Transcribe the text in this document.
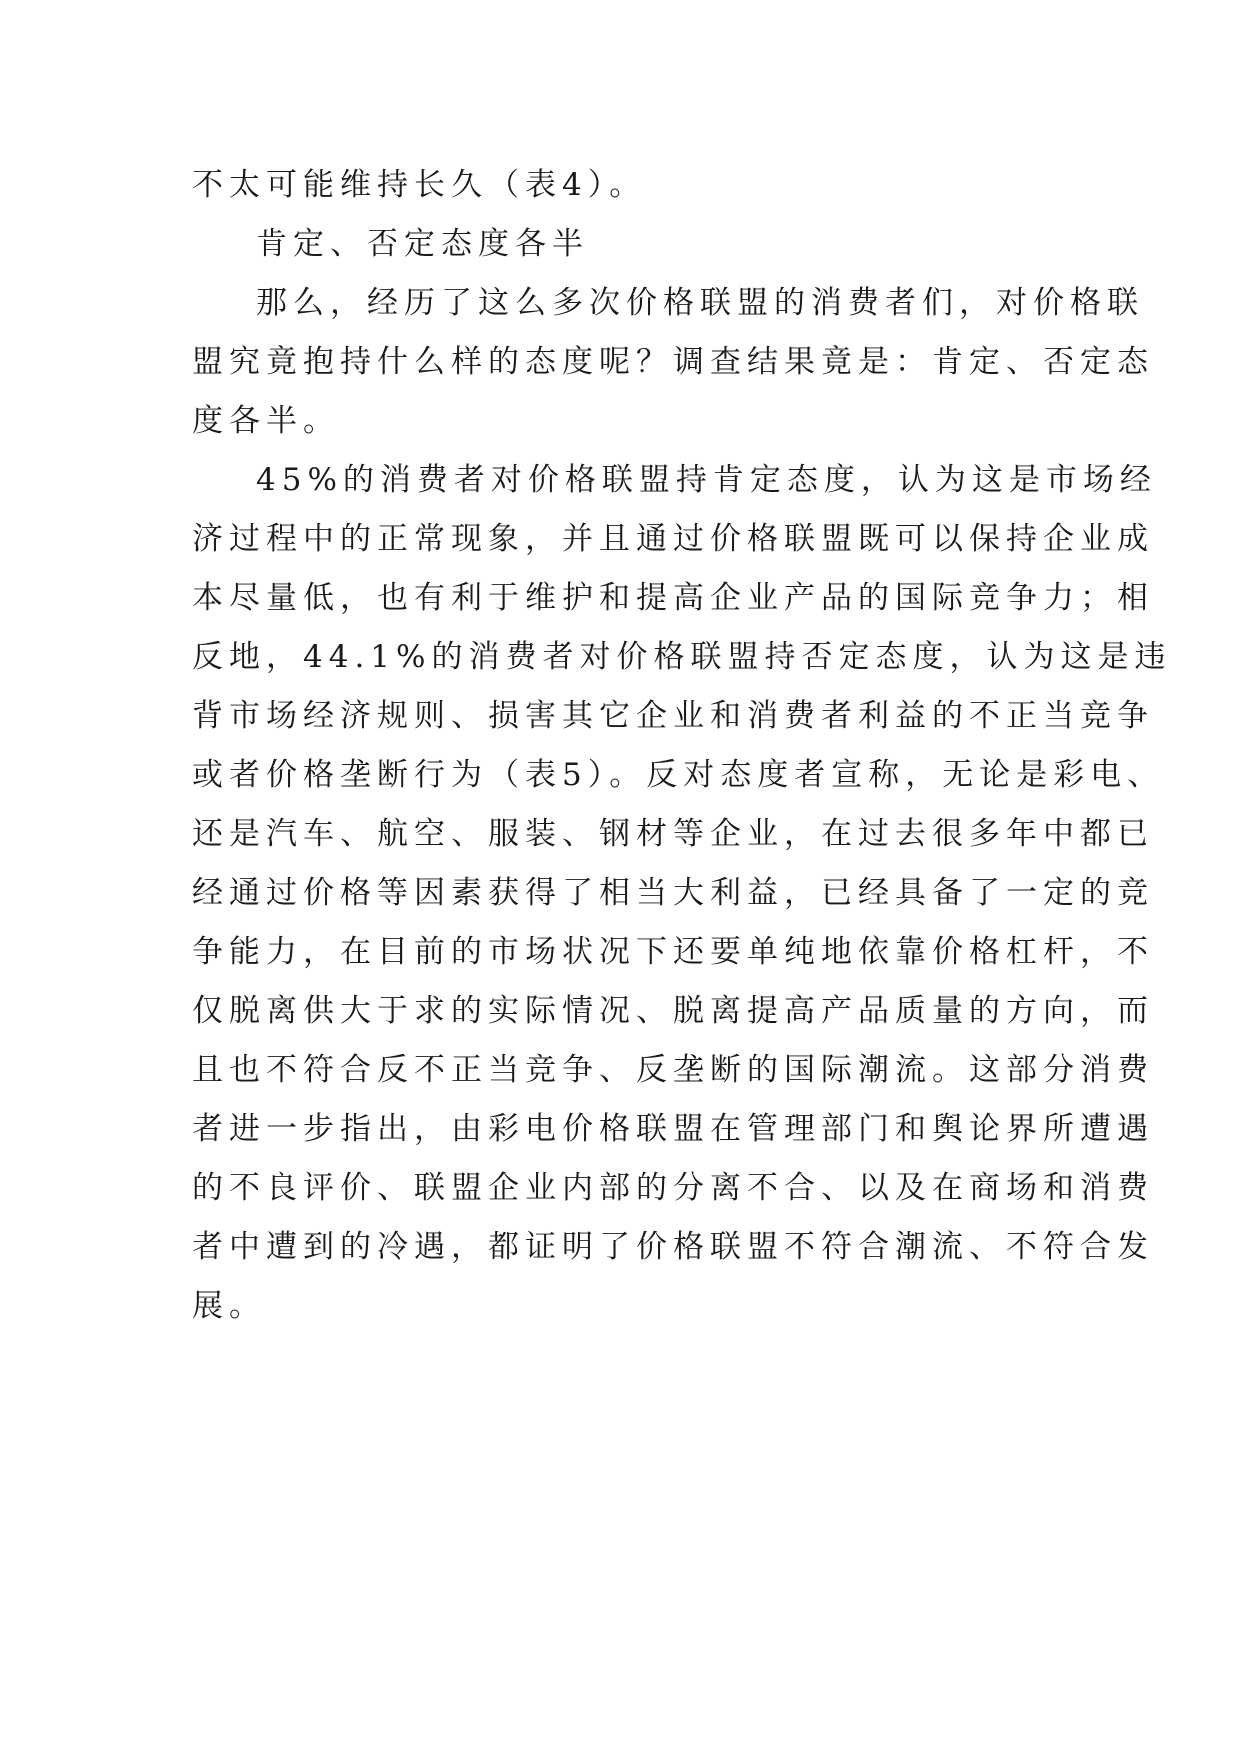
不太可能维持长久（表4）。
肯定、否定态度各半
那么，经历了这么多次价格联盟的消费者们，对价格联
盟究竟抱持什么样的态度呢？调查结果竟是：肯定、否定态
度各半。
45%的消费者对价格联盟持肯定态度，认为这是市场经
济过程中的正常现象，并且通过价格联盟既可以保持企业成
本尽量低，也有利于维护和提高企业产品的国际竞争力；相
反地，44.1%的消费者对价格联盟持否定态度，认为这是违
背市场经济规则、损害其它企业和消费者利益的不正当竞争
或者价格垄断行为（表5）。反对态度者宣称，无论是彩电、
还是汽车、航空、服装、钢材等企业，在过去很多年中都已
经通过价格等因素获得了相当大利益，已经具备了一定的竞
争能力，在目前的市场状况下还要单纯地依靠价格杠杆，不
仅脱离供大于求的实际情况、脱离提高产品质量的方向，而
且也不符合反不正当竞争、反垄断的国际潮流。这部分消费
者进一步指出，由彩电价格联盟在管理部门和舆论界所遭遇
的不良评价、联盟企业内部的分离不合、以及在商场和消费
者中遭到的冷遇，都证明了价格联盟不符合潮流、不符合发
展。
